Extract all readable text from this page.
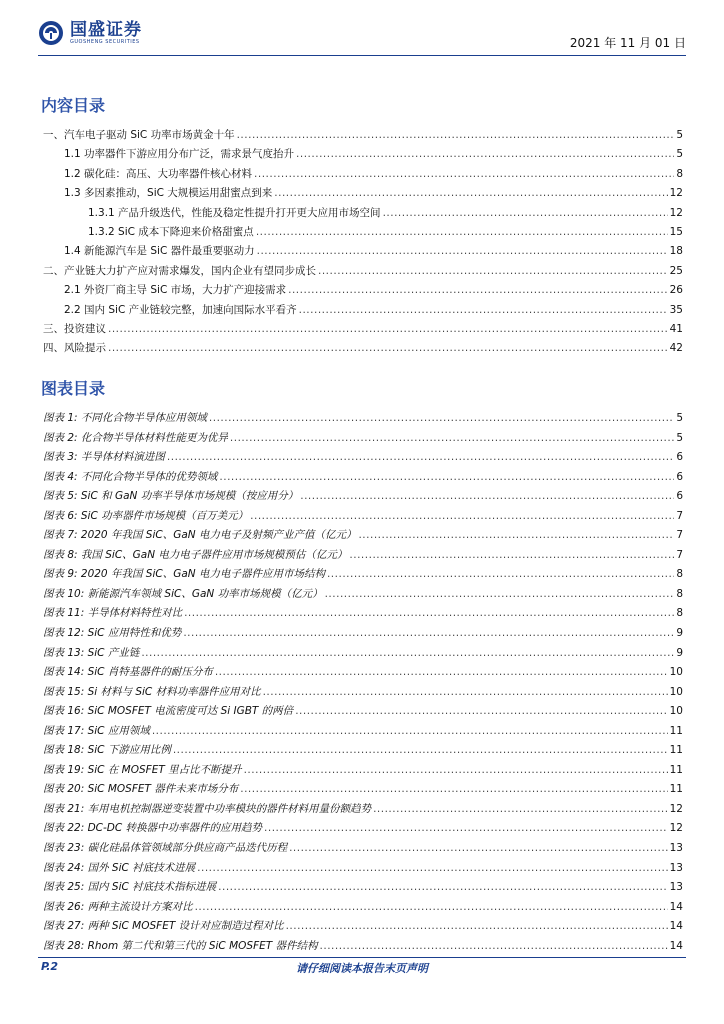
国盛证券
GUOSHENG SECURITIES	2021 年 11 月 01 日
内容目录
一、汽车电子驱动 SiC 功率市场黄金十年 .....	5
1.1 功率器件下游应用分布广泛，需求景气度抬升 .....	5
1.2 碳化硅：高压、大功率器件核心材料 .....	8
1.3 多因素推动，SiC 大规模运用甜蜜点到来 .....	12
1.3.1 产品升级迭代，性能及稳定性提升打开更大应用市场空间 .....	12
1.3.2 SiC 成本下降迎来价格甜蜜点 .....	15
1.4 新能源汽车是 SiC 器件最重要驱动力 .....	18
二、产业链大力扩产应对需求爆发，国内企业有望同步成长 .....	25
2.1 外资厂商主导 SiC 市场，大力扩产迎接需求 .....	26
2.2 国内 SiC 产业链较完整，加速向国际水平看齐 .....	35
三、投资建议 .....	41
四、风险提示 .....	42
图表目录
图表 1: 不同化合物半导体应用领域 .....	5
图表 2: 化合物半导体材料性能更为优异 .....	5
图表 3: 半导体材料演进图 .....	6
图表 4: 不同化合物半导体的优势领域 .....	6
图表 5: SiC 和 GaN 功率半导体市场规模（按应用分） .....	6
图表 6: SiC 功率器件市场规模（百万美元） .....	7
图表 7: 2020 年我国 SiC、GaN 电力电子及射频产业产值（亿元） .....	7
图表 8: 我国 SiC、GaN 电力电子器件应用市场规模预估（亿元） .....	7
图表 9: 2020 年我国 SiC、GaN 电力电子器件应用市场结构 .....	8
图表 10: 新能源汽车领域 SiC、GaN 功率市场规模（亿元） .....	8
图表 11: 半导体材料特性对比 .....	8
图表 12: SiC 应用特性和优势 .....	9
图表 13: SiC 产业链 .....	9
图表 14: SiC 肖特基器件的耐压分布 .....	10
图表 15: Si 材料与 SiC 材料功率器件应用对比 .....	10
图表 16: SiC MOSFET 电流密度可达 Si IGBT 的两倍 .....	10
图表 17: SiC 应用领域 .....	11
图表 18: SiC 下游应用比例 .....	11
图表 19: SiC 在 MOSFET 里占比不断提升 .....	11
图表 20: SiC MOSFET 器件未来市场分布 .....	11
图表 21: 车用电机控制器逆变装置中功率模块的器件材料用量份额趋势 .....	12
图表 22: DC-DC 转换器中功率器件的应用趋势 .....	12
图表 23: 碳化硅晶体管领域部分供应商产品迭代历程 .....	13
图表 24: 国外 SiC 衬底技术进展 .....	13
图表 25: 国内 SiC 衬底技术指标进展 .....	13
图表 26: 两种主流设计方案对比 .....	14
图表 27: 两种 SiC MOSFET 设计对应制造过程对比 .....	14
图表 28: Rhom 第二代和第三代的 SiC MOSFET 器件结构 .....	14
P.2	请仔细阅读本报告末页声明
